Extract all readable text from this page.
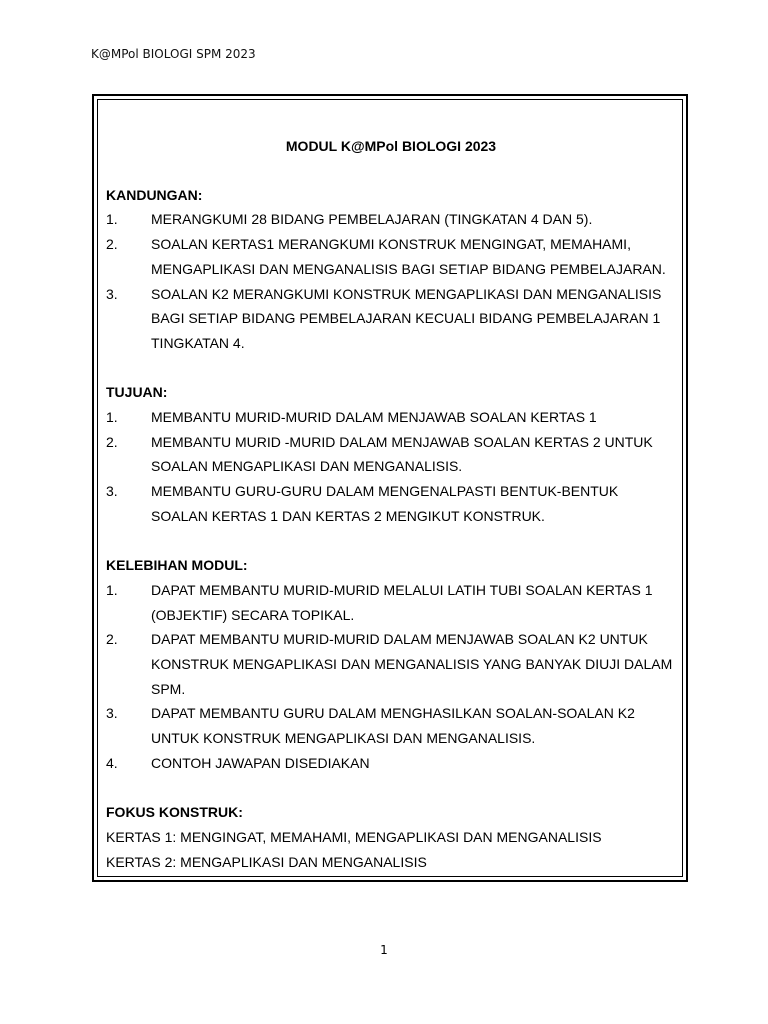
K@MPol BIOLOGI SPM 2023
MODUL K@MPol BIOLOGI 2023
KANDUNGAN:
1.	MERANGKUMI 28 BIDANG PEMBELAJARAN (TINGKATAN 4 DAN 5).
2.	SOALAN KERTAS1 MERANGKUMI KONSTRUK MENGINGAT, MEMAHAMI, MENGAPLIKASI DAN MENGANALISIS BAGI SETIAP BIDANG PEMBELAJARAN.
3.	SOALAN K2 MERANGKUMI KONSTRUK MENGAPLIKASI DAN MENGANALISIS BAGI SETIAP BIDANG PEMBELAJARAN KECUALI BIDANG PEMBELAJARAN 1 TINGKATAN 4.
TUJUAN:
1.	MEMBANTU MURID-MURID DALAM MENJAWAB SOALAN KERTAS 1
2.	MEMBANTU MURID -MURID DALAM MENJAWAB SOALAN KERTAS 2 UNTUK SOALAN MENGAPLIKASI DAN MENGANALISIS.
3.	MEMBANTU GURU-GURU DALAM MENGENALPASTI BENTUK-BENTUK SOALAN KERTAS 1 DAN KERTAS 2 MENGIKUT KONSTRUK.
KELEBIHAN MODUL:
1.	DAPAT MEMBANTU MURID-MURID MELALUI LATIH TUBI SOALAN KERTAS 1 (OBJEKTIF) SECARA TOPIKAL.
2.	DAPAT MEMBANTU MURID-MURID DALAM MENJAWAB SOALAN K2 UNTUK KONSTRUK MENGAPLIKASI DAN MENGANALISIS YANG BANYAK DIUJI DALAM SPM.
3.	DAPAT MEMBANTU GURU DALAM MENGHASILKAN SOALAN-SOALAN K2 UNTUK KONSTRUK MENGAPLIKASI DAN MENGANALISIS.
4.	CONTOH JAWAPAN DISEDIAKAN
FOKUS KONSTRUK:
KERTAS 1: MENGINGAT, MEMAHAMI, MENGAPLIKASI DAN MENGANALISIS
KERTAS 2: MENGAPLIKASI DAN MENGANALISIS
1
